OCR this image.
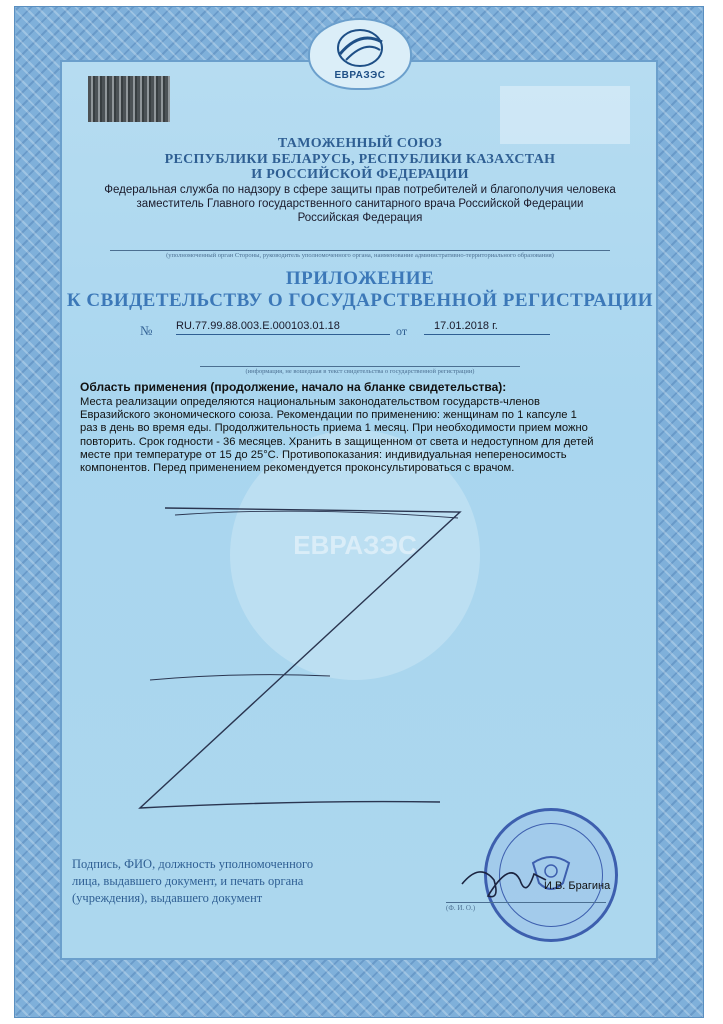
ЕВРАЗЭС
ТАМОЖЕННЫЙ СОЮЗ
РЕСПУБЛИКИ БЕЛАРУСЬ, РЕСПУБЛИКИ КАЗАХСТАН
И РОССИЙСКОЙ ФЕДЕРАЦИИ
Федеральная служба по надзору в сфере защиты прав потребителей и благополучия человека
заместитель Главного государственного санитарного врача Российской Федерации
Российская Федерация
(уполномоченный орган Стороны, руководитель уполномоченного органа, наименование административно-территориального образования)
ПРИЛОЖЕНИЕ
К СВИДЕТЕЛЬСТВУ О ГОСУДАРСТВЕННОЙ РЕГИСТРАЦИИ
№ RU.77.99.88.003.E.000103.01.18	от	17.01.2018 г.
(информация, не вошедшая в текст свидетельства о государственной регистрации)
ЕВРАЗЭС
Область применения (продолжение, начало на бланке свидетельства):
Места реализации определяются национальным законодательством государств-членов
Евразийского экономического союза. Рекомендации по применению: женщинам по 1 капсуле 1
раз в день во время еды. Продолжительность приема 1 месяц. При необходимости прием можно
повторить. Срок годности - 36 месяцев. Хранить в защищенном от света и недоступном для детей
месте при температуре от 15 до 25°C. Противопоказания: индивидуальная непереносимость
компонентов. Перед применением рекомендуется проконсультироваться с врачом.
Подпись, ФИО, должность уполномоченного
лица, выдавшего документ, и печать органа
(учреждения), выдавшего документ
И.В. Брагина
(Ф. И. О.)
